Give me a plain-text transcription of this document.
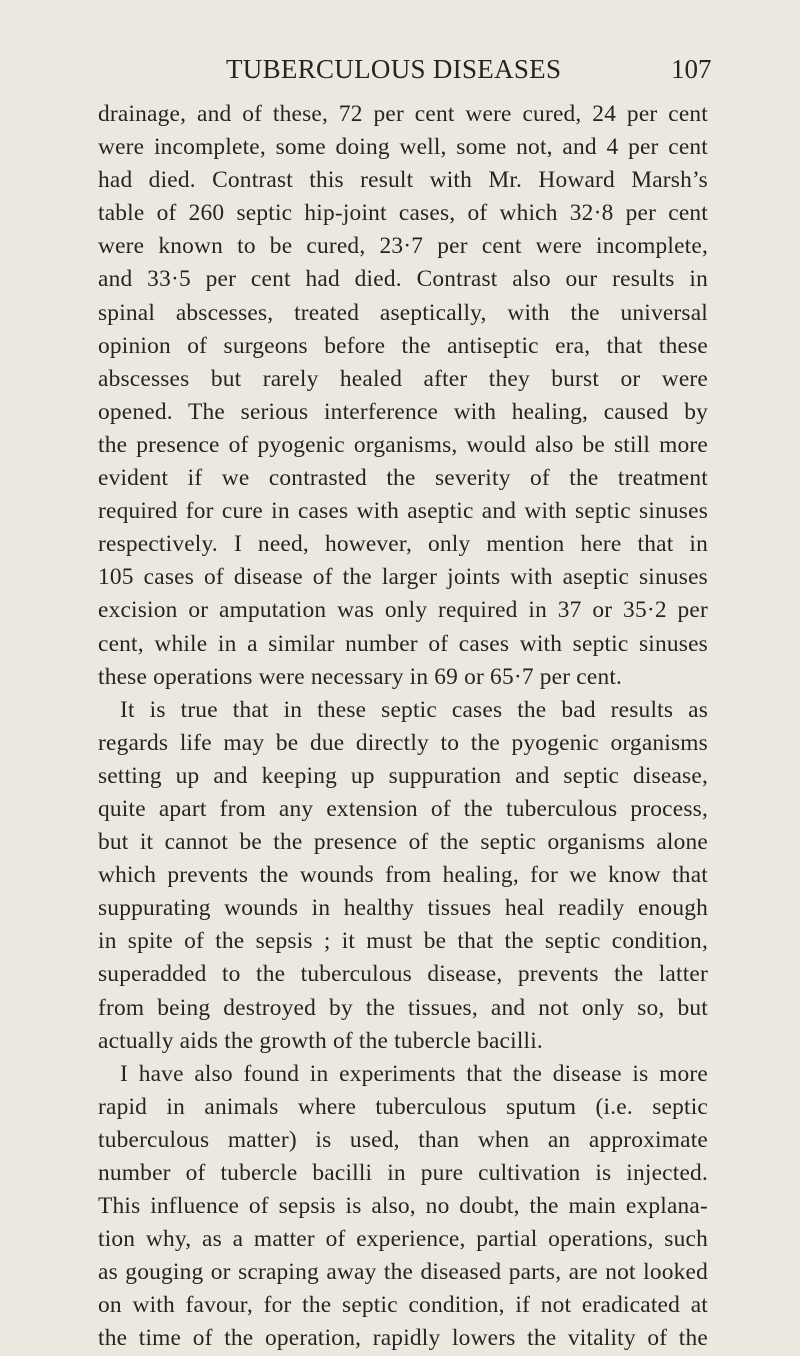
TUBERCULOUS DISEASES	107
drainage, and of these, 72 per cent were cured, 24 per cent
were incomplete, some doing well, some not, and 4 per cent
had died. Contrast this result with Mr. Howard Marsh’s
table of 260 septic hip-joint cases, of which 32·8 per cent
were known to be cured, 23·7 per cent were incomplete,
and 33·5 per cent had died. Contrast also our results in
spinal abscesses, treated aseptically, with the universal
opinion of surgeons before the antiseptic era, that these
abscesses but rarely healed after they burst or were
opened. The serious interference with healing, caused by
the presence of pyogenic organisms, would also be still more
evident if we contrasted the severity of the treatment
required for cure in cases with aseptic and with septic sinuses
respectively. I need, however, only mention here that in
105 cases of disease of the larger joints with aseptic sinuses
excision or amputation was only required in 37 or 35·2 per
cent, while in a similar number of cases with septic sinuses
these operations were necessary in 69 or 65·7 per cent.
It is true that in these septic cases the bad results as
regards life may be due directly to the pyogenic organisms
setting up and keeping up suppuration and septic disease,
quite apart from any extension of the tuberculous process,
but it cannot be the presence of the septic organisms alone
which prevents the wounds from healing, for we know that
suppurating wounds in healthy tissues heal readily enough
in spite of the sepsis ; it must be that the septic condition,
superadded to the tuberculous disease, prevents the latter
from being destroyed by the tissues, and not only so, but
actually aids the growth of the tubercle bacilli.
I have also found in experiments that the disease is more
rapid in animals where tuberculous sputum (i.e. septic
tuberculous matter) is used, than when an approximate
number of tubercle bacilli in pure cultivation is injected.
This influence of sepsis is also, no doubt, the main explana-
tion why, as a matter of experience, partial operations, such
as gouging or scraping away the diseased parts, are not looked
on with favour, for the septic condition, if not eradicated at
the time of the operation, rapidly lowers the vitality of the
